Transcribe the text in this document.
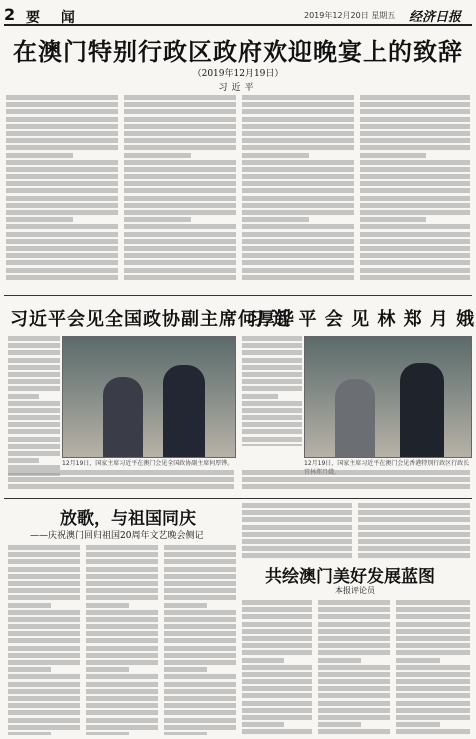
2 要 闻	2019年12月20日 星期五 经济日报
在澳门特别行政区政府欢迎晚宴上的致辞
（2019年12月19日）
习近平
习近平会见全国政协副主席何厚铧
12月19日，国家主席习近平在澳门会见全国政协副主席何厚铧。
习 近 平 会 见 林 郑 月 娥
12月19日，国家主席习近平在澳门会见香港特别行政区行政长
放歌，与祖国同庆
——庆祝澳门回归祖国20周年文艺晚会侧记
共绘澳门美好发展蓝图
本报评论员
